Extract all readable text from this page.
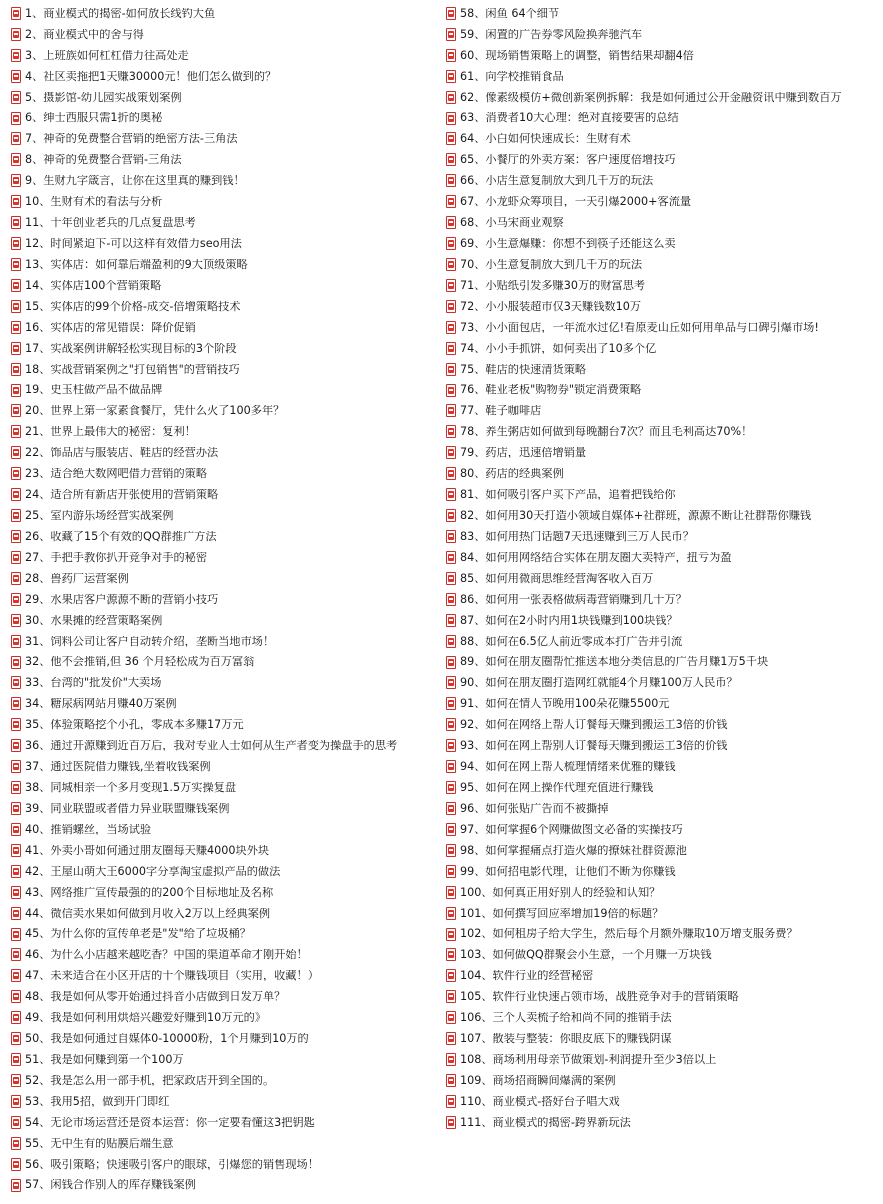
1、商业模式的揭密-如何放长线钓大鱼
2、商业模式中的舍与得
3、上班族如何杠杠借力往高处走
4、社区卖拖把1天赚30000元！他们怎么做到的？
5、摄影馆-幼儿园实战策划案例
6、绅士西服只需1折的奥秘
7、神奇的免费整合营销的绝密方法-三角法
8、神奇的免费整合营销-三角法
9、生财九字箴言，让你在这里真的赚到钱！
10、生财有术的看法与分析
11、十年创业老兵的几点复盘思考
12、时间紧迫下-可以这样有效借力seo用法
13、实体店：如何靠后端盈利的9大顶级策略
14、实体店100个营销策略
15、实体店的99个价格-成交-倍增策略技术
16、实体店的常见错误：降价促销
17、实战案例讲解轻松实现目标的3个阶段
18、实战营销案例之"打包销售"的营销技巧
19、史玉柱做产品不做品牌
20、世界上第一家素食餐厅，凭什么火了100多年？
21、世界上最伟大的秘密：复利！
22、饰品店与服装店、鞋店的经营办法
23、适合绝大数网吧借力营销的策略
24、适合所有新店开张使用的营销策略
25、室内游乐场经营实战案例
26、收藏了15个有效的QQ群推广方法
27、手把手教你扒开竞争对手的秘密
28、兽药厂运营案例
29、水果店客户源源不断的营销小技巧
30、水果摊的经营策略案例
31、饲料公司让客户自动转介绍，垄断当地市场！
32、他不会推销,但 36 个月轻松成为百万富翁
33、台湾的"批发价"大卖场
34、糖尿病网站月赚40万案例
35、体验策略挖个小孔，零成本多赚17万元
36、通过开源赚到近百万后，我对专业人士如何从生产者变为操盘手的思考
37、通过医院借力赚钱,坐着收钱案例
38、同城相亲一个多月变现1.5万实操复盘
39、同业联盟或者借力异业联盟赚钱案例
40、推销螺丝，当场试验
41、外卖小哥如何通过朋友圈每天赚4000块外块
42、王屋山萌大王6000字分享淘宝虚拟产品的做法
43、网络推广宣传最强的的200个目标地址及名称
44、微信卖水果如何做到月收入2万以上经典案例
45、为什么你的宣传单老是"发"给了垃圾桶？
46、为什么小店越来越吃香？中国的渠道革命才刚开始！
47、未来适合在小区开店的十个赚钱项目（实用，收藏！）
48、我是如何从零开始通过抖音小店做到日发万单？
49、我是如何利用烘焙兴趣爱好赚到10万元的》
50、我是如何通过自媒体0-10000粉，1个月赚到10万的
51、我是如何赚到第一个100万
52、我是怎么用一部手机，把家政店开到全国的。
53、我用5招，做到开门即红
54、无论市场运营还是资本运营：你一定要看懂这3把钥匙
55、无中生有的贴膜后端生意
56、吸引策略；快速吸引客户的眼球，引爆您的销售现场！
57、闲钱合作别人的库存赚钱案例
58、闲鱼 64个细节
59、闲置的广告券零风险换奔驰汽车
60、现场销售策略上的调整，销售结果却翻4倍
61、向学校推销食品
62、像素级模仿+微创新案例拆解：我是如何通过公开金融资讯中赚到数百万
63、消费者10大心理：绝对直接要害的总结
64、小白如何快速成长：生财有术
65、小餐厅的外卖方案：客户速度倍增技巧
66、小店生意复制放大到几千万的玩法
67、小龙虾众筹项目，一天引爆2000+客流量
68、小马宋商业观察
69、小生意爆赚：你想不到筷子还能这么卖
70、小生意复制放大到几千万的玩法
71、小贴纸引发多赚30万的财富思考
72、小小服装超市仅3天赚钱数10万
73、小小面包店，一年流水过亿!看原麦山丘如何用单品与口碑引爆市场!
74、小小手抓饼，如何卖出了10多个亿
75、鞋店的快速清货策略
76、鞋业老板"购物券"锁定消费策略
77、鞋子咖啡店
78、养生粥店如何做到每晚翻台7次？而且毛利高达70%！
79、药店，迅速倍增销量
80、药店的经典案例
81、如何吸引客户买下产品，追着把钱给你
82、如何用30天打造小领域自媒体+社群班，源源不断让社群帮你赚钱
83、如何用热门话题7天迅速赚到三万人民币？
84、如何用网络结合实体在朋友圈大卖特产，扭亏为盈
85、如何用微商思维经营淘客收入百万
86、如何用一张表格做病毒营销赚到几十万？
87、如何在2小时内用1块钱赚到100块钱？
88、如何在6.5亿人前近零成本打广告并引流
89、如何在朋友圈帮忙推送本地分类信息的广告月赚1万5千块
90、如何在朋友圈打造网红就能4个月赚100万人民币？
91、如何在情人节晚用100朵花赚5500元
92、如何在网络上帮人订餐每天赚到搬运工3倍的价钱
93、如何在网上帮别人订餐每天赚到搬运工3倍的价钱
94、如何在网上帮人梳理情绪来优雅的赚钱
95、如何在网上操作代理充值进行赚钱
96、如何张贴广告而不被撕掉
97、如何掌握6个网赚做图文必备的实操技巧
98、如何掌握痛点打造火爆的撩妹社群资源池
99、如何招电影代理，让他们不断为你赚钱
100、如何真正用好别人的经验和认知？
101、如何撰写回应率增加19倍的标题？
102、如何租房子给大学生，然后每个月额外赚取10万增支服务费？
103、如何做QQ群聚会小生意，一个月赚一万块钱
104、软件行业的经营秘密
105、软件行业快速占领市场，战胜竞争对手的营销策略
106、三个人卖梳子给和尚不同的推销手法
107、散装与整装：你眼皮底下的赚钱阴谋
108、商场利用母亲节做策划-利润提升至少3倍以上
109、商场招商瞬间爆满的案例
110、商业模式-搭好台子唱大戏
111、商业模式的揭密-跨界新玩法
